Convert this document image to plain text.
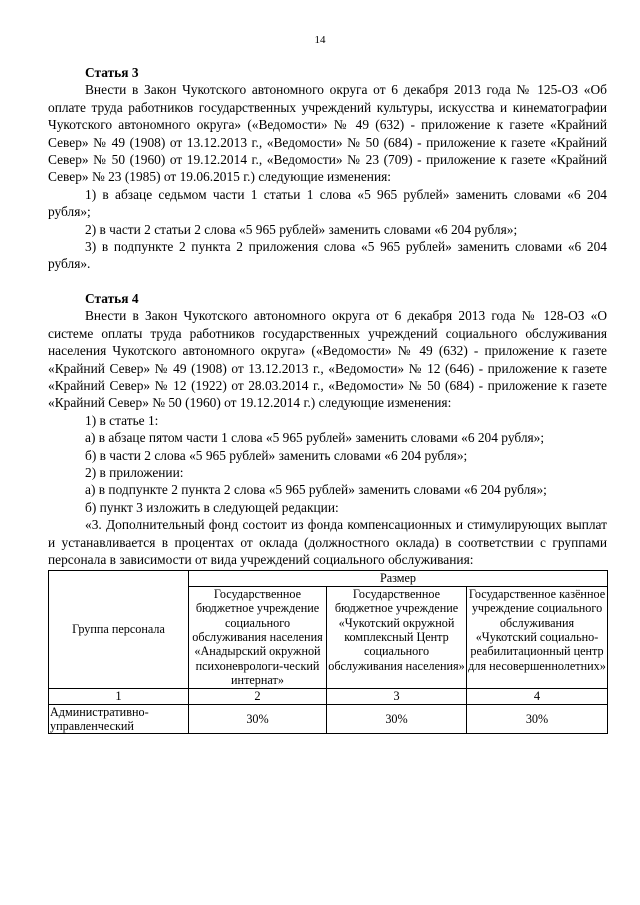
14
Статья 3

Внести в Закон Чукотского автономного округа от 6 декабря 2013 года № 125-ОЗ «Об оплате труда работников государственных учреждений культуры, искусства и кинематографии Чукотского автономного округа» («Ведомости» № 49 (632) - приложение к газете «Крайний Север» № 49 (1908) от 13.12.2013 г., «Ведомости» № 50 (684) - приложение к газете «Крайний Север» № 50 (1960) от 19.12.2014 г., «Ведомости» № 23 (709) - приложение к газете «Крайний Север» № 23 (1985) от 19.06.2015 г.) следующие изменения:

1) в абзаце седьмом части 1 статьи 1 слова «5 965 рублей» заменить словами «6 204 рубля»;

2) в части 2 статьи 2 слова «5 965 рублей» заменить словами «6 204 рубля»;

3) в подпункте 2 пункта 2 приложения слова «5 965 рублей» заменить словами «6 204 рубля».

Статья 4

Внести в Закон Чукотского автономного округа от 6 декабря 2013 года № 128-ОЗ «О системе оплаты труда работников государственных учреждений социального обслуживания населения Чукотского автономного округа» («Ведомости» № 49 (632) - приложение к газете «Крайний Север» № 49 (1908) от 13.12.2013 г., «Ведомости» № 12 (646) - приложение к газете «Крайний Север» № 12 (1922) от 28.03.2014 г., «Ведомости» № 50 (684) - приложение к газете «Крайний Север» № 50 (1960) от 19.12.2014 г.) следующие изменения:

1) в статье 1:

а) в абзаце пятом части 1 слова «5 965 рублей» заменить словами «6 204 рубля»;

б) в части 2 слова «5 965 рублей» заменить словами «6 204 рубля»;

2) в приложении:

а) в подпункте 2 пункта 2 слова «5 965 рублей» заменить словами «6 204 рубля»;

б) пункт 3 изложить в следующей редакции:

«3. Дополнительный фонд состоит из фонда компенсационных и стимулирующих выплат и устанавливается в процентах от оклада (должностного оклада) в соответствии с группами персонала в зависимости от вида учреждений социального обслуживания:

Группа персонала	Размер		
	Государственное бюджетное учреждение социального обслуживания населения «Анадырский окружной психоневрологи-ческий интернат»	Государственное бюджетное учреждение «Чукотский окружной комплексный Центр социального обслуживания населения»	Государственное казённое учреждение социального обслуживания «Чукотский социально-реабилитационный центр для несовершеннолетних»
1	2	3	4
Административно-управленческий	30%	30%	30%
